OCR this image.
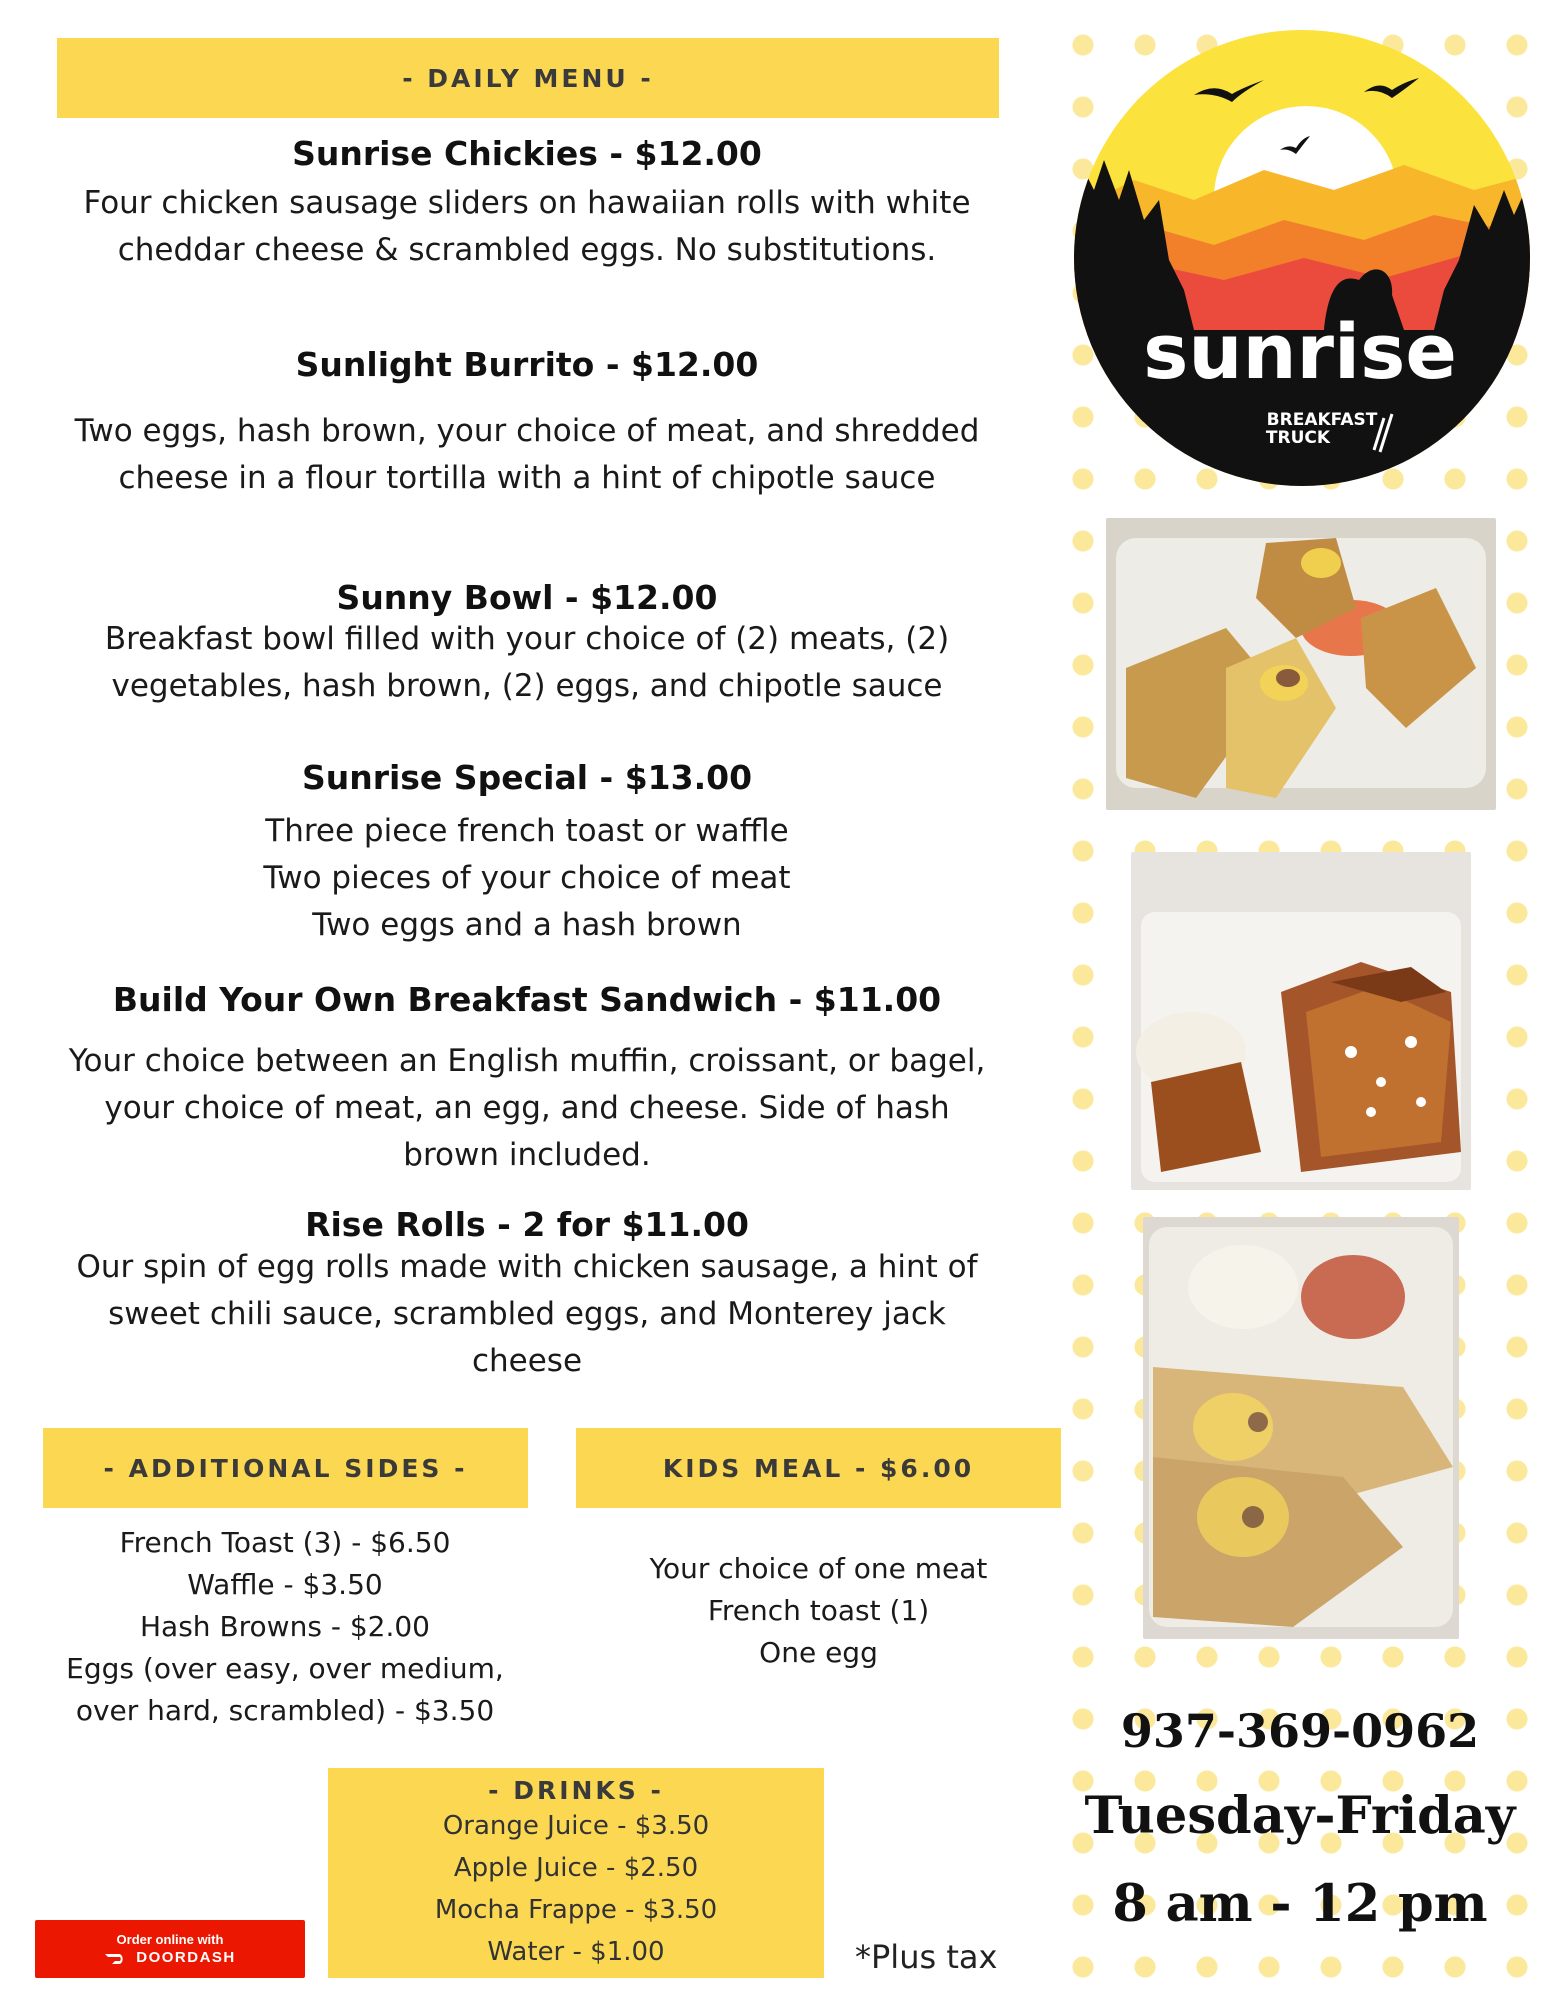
- DAILY MENU -
Sunrise Chickies - $12.00
Four chicken sausage sliders on hawaiian rolls with white cheddar cheese & scrambled eggs. No substitutions.
Sunlight Burrito - $12.00
Two eggs, hash brown, your choice of meat, and shredded cheese in a flour tortilla with a hint of chipotle sauce
Sunny Bowl - $12.00
Breakfast bowl filled with your choice of (2) meats, (2) vegetables, hash brown, (2) eggs, and chipotle sauce
Sunrise Special - $13.00
Three piece french toast or waffle
Two pieces of your choice of meat
Two eggs and a hash brown
Build Your Own Breakfast Sandwich - $11.00
Your choice between an English muffin, croissant, or bagel, your choice of meat, an egg, and cheese. Side of hash brown included.
Rise Rolls - 2 for $11.00
Our spin of egg rolls made with chicken sausage, a hint of sweet chili sauce, scrambled eggs, and Monterey jack cheese
- ADDITIONAL SIDES -
French Toast (3) - $6.50
Waffle - $3.50
Hash Browns - $2.00
Eggs (over easy, over medium,
over hard, scrambled) - $3.50
KIDS MEAL - $6.00
Your choice of one meat
French toast (1)
One egg
- DRINKS -
Orange Juice - $3.50
Apple Juice - $2.50
Mocha Frappe - $3.50
Water - $1.00	*Plus tax
Order online with
DOORDASH
sunrise
BREAKFAST
TRUCK
937-369-0962
Tuesday-Friday
8 am - 12 pm
